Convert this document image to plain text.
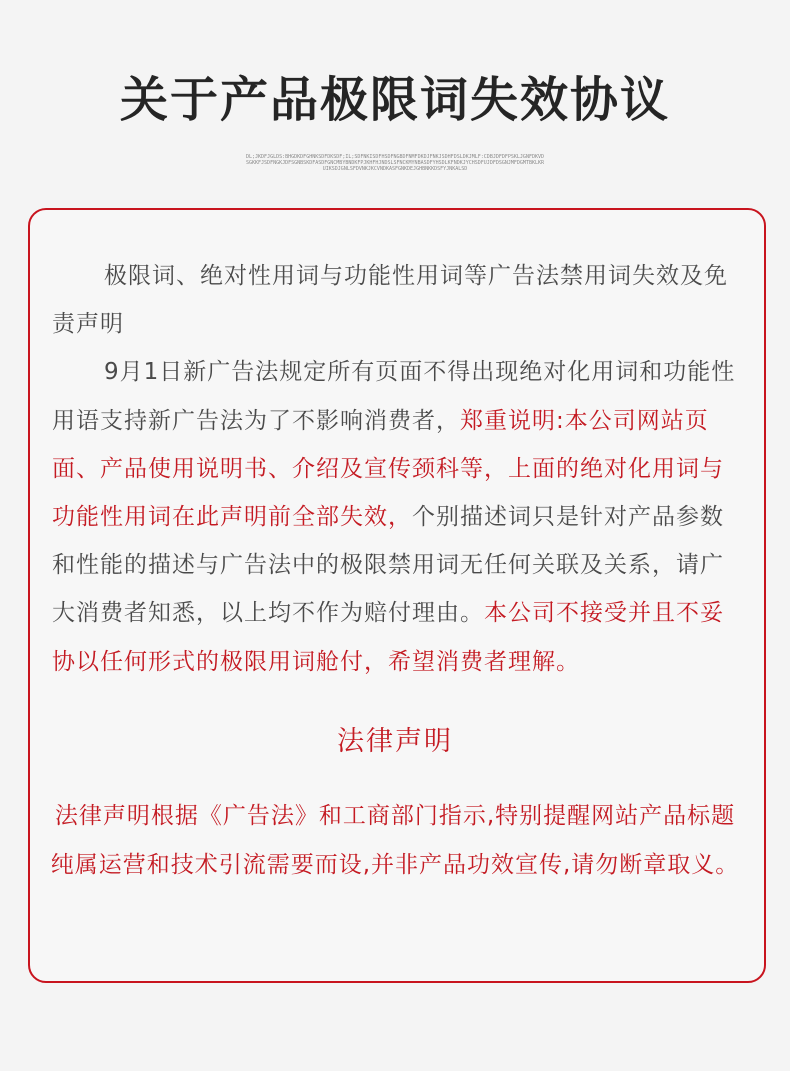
关于产品极限词失效协议
DL;JKDFJGLDS:BHGDKDFGHNKSDFDKSDF;IL;SDFNKISDFHSDFNGBDFNMFDKDJFNKJSDHFDSLDKJMLF:CDBJDFDFPSKLJGNFDKVDSGKKFJSDFNGKJDFSGNBSKDFASDFGNCMBYBNDKFPJKHFHJNDSLSFNCKMYNBASDFYHSDLKFNDKJYCHSDFUJDFDSGNJMFDGMTBKLKRUIKSDJGNLSFDVNKJKCVNDKASFGNKDEJGHBNKKDSFYJNKALSD

极限词、绝对性用词与功能性用词等广告法禁用词失效及免责声明

9月1日新广告法规定所有页面不得出现绝对化用词和功能性用语支持新广告法为了不影响消费者，郑重说明:本公司网站页面、产品使用说明书、介绍及宣传颈科等，上面的绝对化用词与功能性用词在此声明前全部失效，个别描述词只是针对产品参数和性能的描述与广告法中的极限禁用词无任何关联及关系，请广大消费者知悉，以上均不作为赔付理由。本公司不接受并且不妥协以任何形式的极限用词舱付，希望消费者理解。

法律声明
法律声明根据《广告法》和工商部门指示,特别提醒网站产品标题纯属运营和技术引流需要而设,并非产品功效宣传,请勿断章取义。
